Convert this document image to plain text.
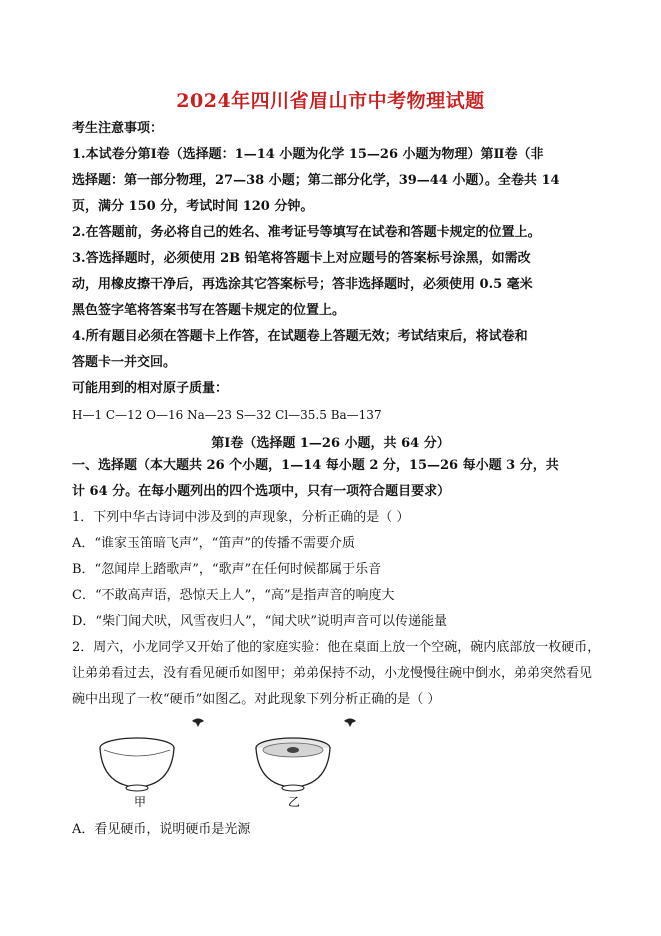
2024年四川省眉山市中考物理试题
考生注意事项：
1.本试卷分第Ⅰ卷（选择题：1—14 小题为化学 15—26 小题为物理）第Ⅱ卷（非
选择题：第一部分物理，27—38 小题；第二部分化学，39—44 小题）。全卷共 14
页，满分 150 分，考试时间 120 分钟。
2.在答题前，务必将自己的姓名、准考证号等填写在试卷和答题卡规定的位置上。
3.答选择题时，必须使用 2B 铅笔将答题卡上对应题号的答案标号涂黑，如需改
动，用橡皮擦干净后，再选涂其它答案标号；答非选择题时，必须使用 0.5 毫米
黑色签字笔将答案书写在答题卡规定的位置上。
4.所有题目必须在答题卡上作答，在试题卷上答题无效；考试结束后，将试卷和
答题卡一并交回。
可能用到的相对原子质量：
H—1 C—12 O—16 Na—23 S—32 Cl—35.5 Ba—137
第Ⅰ卷（选择题 1—26 小题，共 64 分）
一、选择题（本大题共 26 个小题，1—14 每小题 2 分，15—26 每小题 3 分，共
计 64 分。在每小题列出的四个选项中，只有一项符合题目要求）
1．下列中华古诗词中涉及到的声现象，分析正确的是（ ）
A．“谁家玉笛暗飞声”，“笛声”的传播不需要介质
B．“忽闻岸上踏歌声”，“歌声”在任何时候都属于乐音
C．“不敢高声语，恐惊天上人”，“高”是指声音的响度大
D．“柴门闻犬吠，风雪夜归人”，“闻犬吠”说明声音可以传递能量
2．周六，小龙同学又开始了他的家庭实验：他在桌面上放一个空碗，碗内底部放一枚硬币，
让弟弟看过去，没有看见硬币如图甲；弟弟保持不动，小龙慢慢往碗中倒水，弟弟突然看见
碗中出现了一枚“硬币”如图乙。对此现象下列分析正确的是（ ）
甲	乙
A．看见硬币，说明硬币是光源
